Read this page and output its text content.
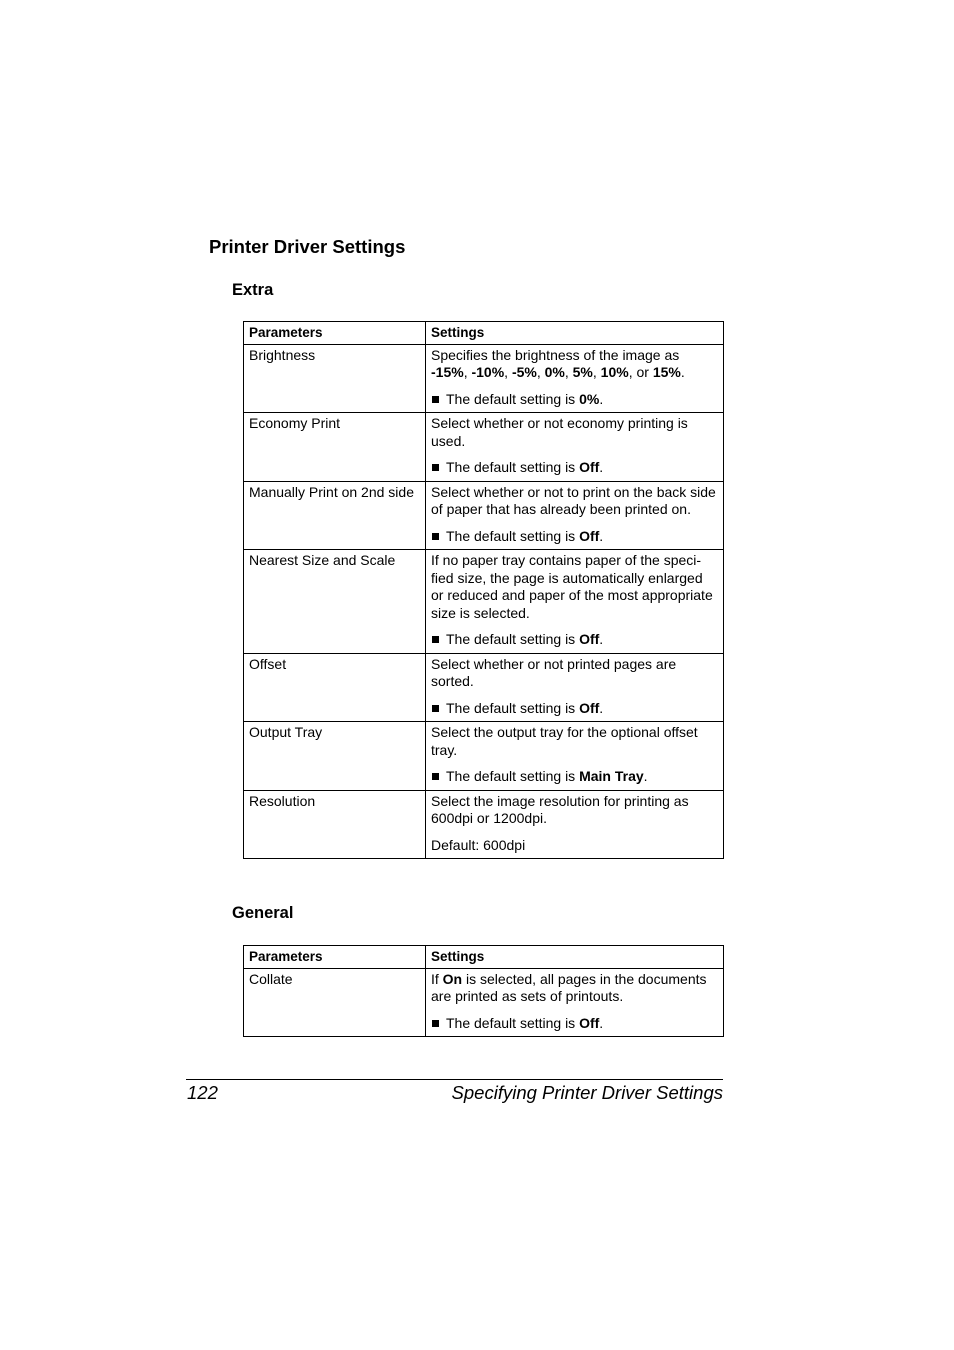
Printer Driver Settings
Extra
Parameters	Settings
Brightness	Specifies the brightness of the image as -15%, -10%, -5%, 0%, 5%, 10%, or 15%.

The default setting is 0%.

Economy Print	Select whether or not economy printing is used.

The default setting is Off.

Manually Print on 2nd side	Select whether or not to print on the back side of paper that has already been printed on.

The default setting is Off.

Nearest Size and Scale	If no paper tray contains paper of the speci-
fied size, the page is automatically enlarged or reduced and paper of the most appropriate size is selected.

The default setting is Off.

Offset	Select whether or not printed pages are sorted.

The default setting is Off.

Output Tray	Select the output tray for the optional offset tray.

The default setting is Main Tray.

Resolution	Select the image resolution for printing as 600dpi or 1200dpi.

Default: 600dpi

General
Parameters	Settings
Collate	If On is selected, all pages in the documents are printed as sets of printouts.

The default setting is Off.

122	Specifying Printer Driver Settings
